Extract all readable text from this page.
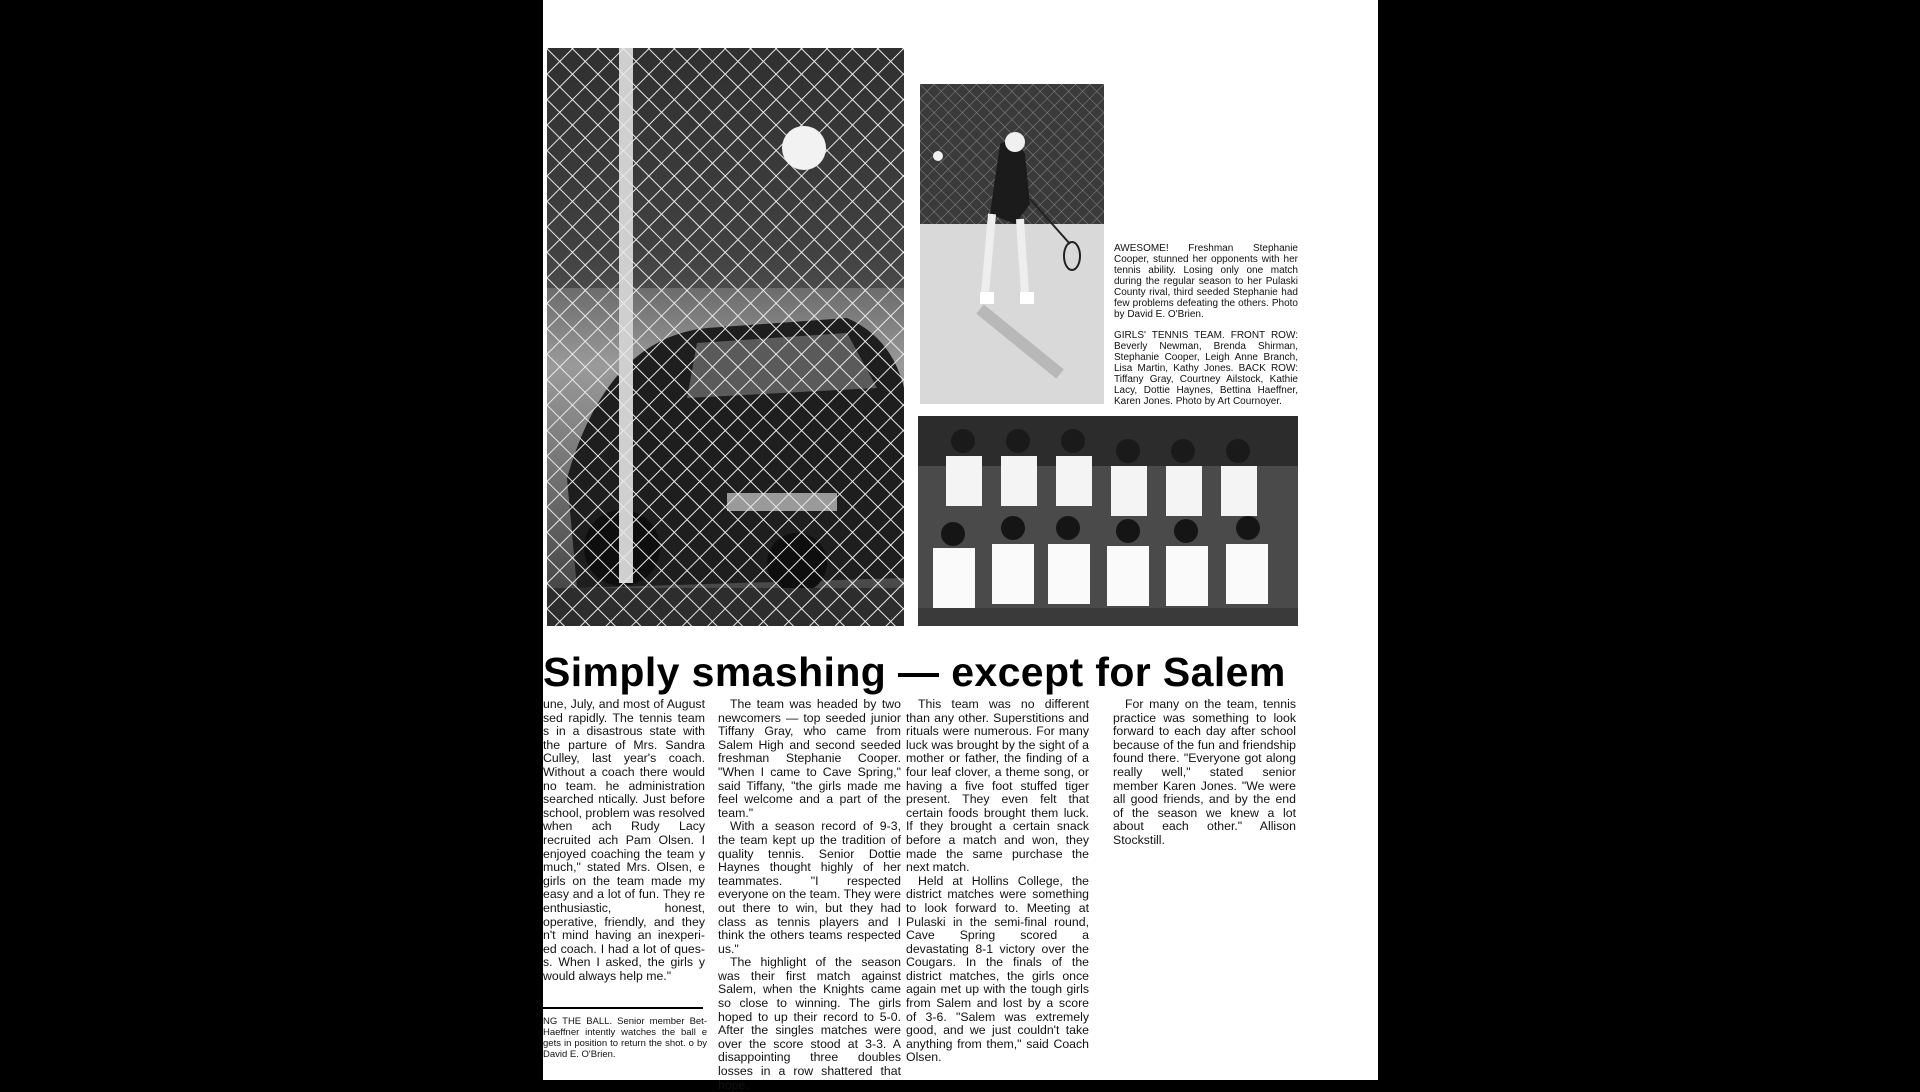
AWESOME! Freshman Stephanie Cooper, stunned her opponents with her tennis ability. Losing only one match during the regular season to her Pulaski County rival, third seeded Stephanie had few problems defeating the others. Photo by David E. O'Brien.

GIRLS' TENNIS TEAM. FRONT ROW: Beverly Newman, Brenda Shirman, Stephanie Cooper, Leigh Anne Branch, Lisa Martin, Kathy Jones. BACK ROW: Tiffany Gray, Courtney Ailstock, Kathie Lacy, Dottie Haynes, Bettina Haeffner, Karen Jones. Photo by Art Cournoyer.

Simply smashing — except for Salem

une, July, and most of August sed rapidly. The tennis team s in a disastrous state with the parture of Mrs. Sandra Culley, last year's coach. Without a coach there would no team. he administration searched ntically. Just before school, problem was resolved when ach Rudy Lacy recruited ach Pam Olsen. I enjoyed coaching the team y much," stated Mrs. Olsen, e girls on the team made my easy and a lot of fun. They re enthusiastic, honest, operative, friendly, and they n't mind having an inexperi- ed coach. I had a lot of ques- s. When I asked, the girls y would always help me."

The team was headed by two newcomers — top seeded junior Tiffany Gray, who came from Salem High and second seeded freshman Stephanie Cooper. "When I came to Cave Spring," said Tiffany, "the girls made me feel welcome and a part of the team."

With a season record of 9-3, the team kept up the tradition of quality tennis. Senior Dottie Haynes thought highly of her teammates. "I respected everyone on the team. They were out there to win, but they had class as tennis players and I think the others teams respected us."

The highlight of the season was their first match against Salem, when the Knights came so close to winning. The girls hoped to up their record to 5-0. After the singles matches were over the score stood at 3-3. A disappointing three doubles losses in a row shattered that hope.

This team was no different than any other. Superstitions and rituals were numerous. For many luck was brought by the sight of a mother or father, the finding of a four leaf clover, a theme song, or having a five foot stuffed tiger present. They even felt that certain foods brought them luck. If they brought a certain snack before a match and won, they made the same purchase the next match.

Held at Hollins College, the district matches were something to look forward to. Meeting at Pulaski in the semi-final round, Cave Spring scored a devastating 8-1 victory over the Cougars. In the finals of the district matches, the girls once again met up with the tough girls from Salem and lost by a score of 3-6. "Salem was extremely good, and we just couldn't take anything from them," said Coach Olsen.

For many on the team, tennis practice was something to look forward to each day after school because of the fun and friendship found there. "Everyone got along really well," stated senior member Karen Jones. "We were all good friends, and by the end of the season we knew a lot about each other." Allison Stockstill.

NG THE BALL. Senior member Bet- Haeffner intently watches the ball e gets in position to return the shot. o by David E. O'Brien.
